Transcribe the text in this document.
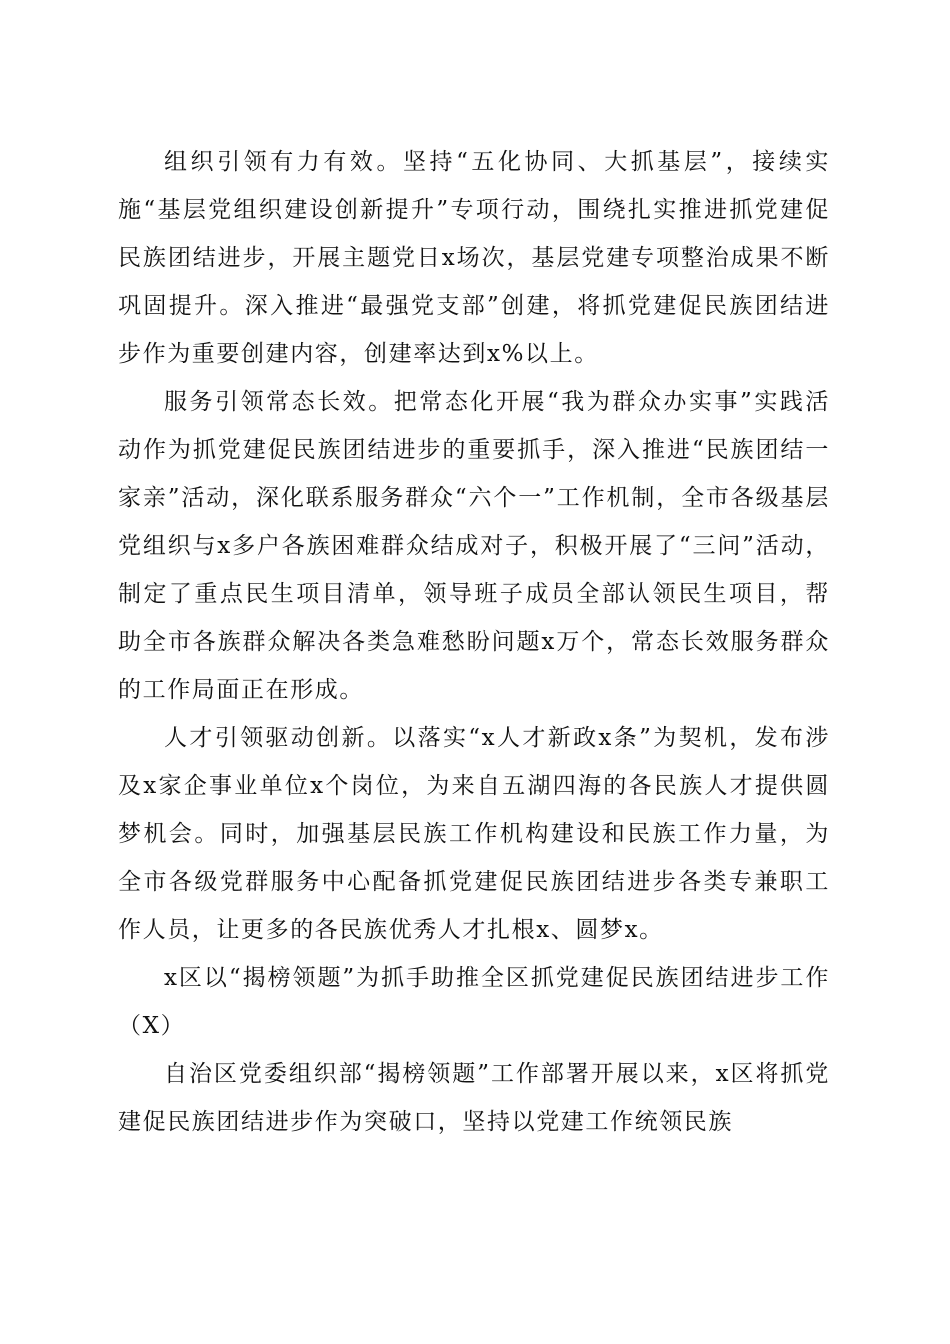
组织引领有力有效。坚持“五化协同、大抓基层”，接续实施“基层党组织建设创新提升”专项行动，围绕扎实推进抓党建促民族团结进步，开展主题党日x场次，基层党建专项整治成果不断巩固提升。深入推进“最强党支部”创建，将抓党建促民族团结进步作为重要创建内容，创建率达到x%以上。

服务引领常态长效。把常态化开展“我为群众办实事”实践活动作为抓党建促民族团结进步的重要抓手，深入推进“民族团结一家亲”活动，深化联系服务群众“六个一”工作机制，全市各级基层党组织与x多户各族困难群众结成对子，积极开展了“三问”活动，制定了重点民生项目清单，领导班子成员全部认领民生项目，帮助全市各族群众解决各类急难愁盼问题x万个，常态长效服务群众的工作局面正在形成。

人才引领驱动创新。以落实“x人才新政x条”为契机，发布涉及x家企事业单位x个岗位，为来自五湖四海的各民族人才提供圆梦机会。同时，加强基层民族工作机构建设和民族工作力量，为全市各级党群服务中心配备抓党建促民族团结进步各类专兼职工作人员，让更多的各民族优秀人才扎根x、圆梦x。

x区以“揭榜领题”为抓手助推全区抓党建促民族团结进步工作（X）

自治区党委组织部“揭榜领题”工作部署开展以来，x区将抓党建促民族团结进步作为突破口，坚持以党建工作统领民族
